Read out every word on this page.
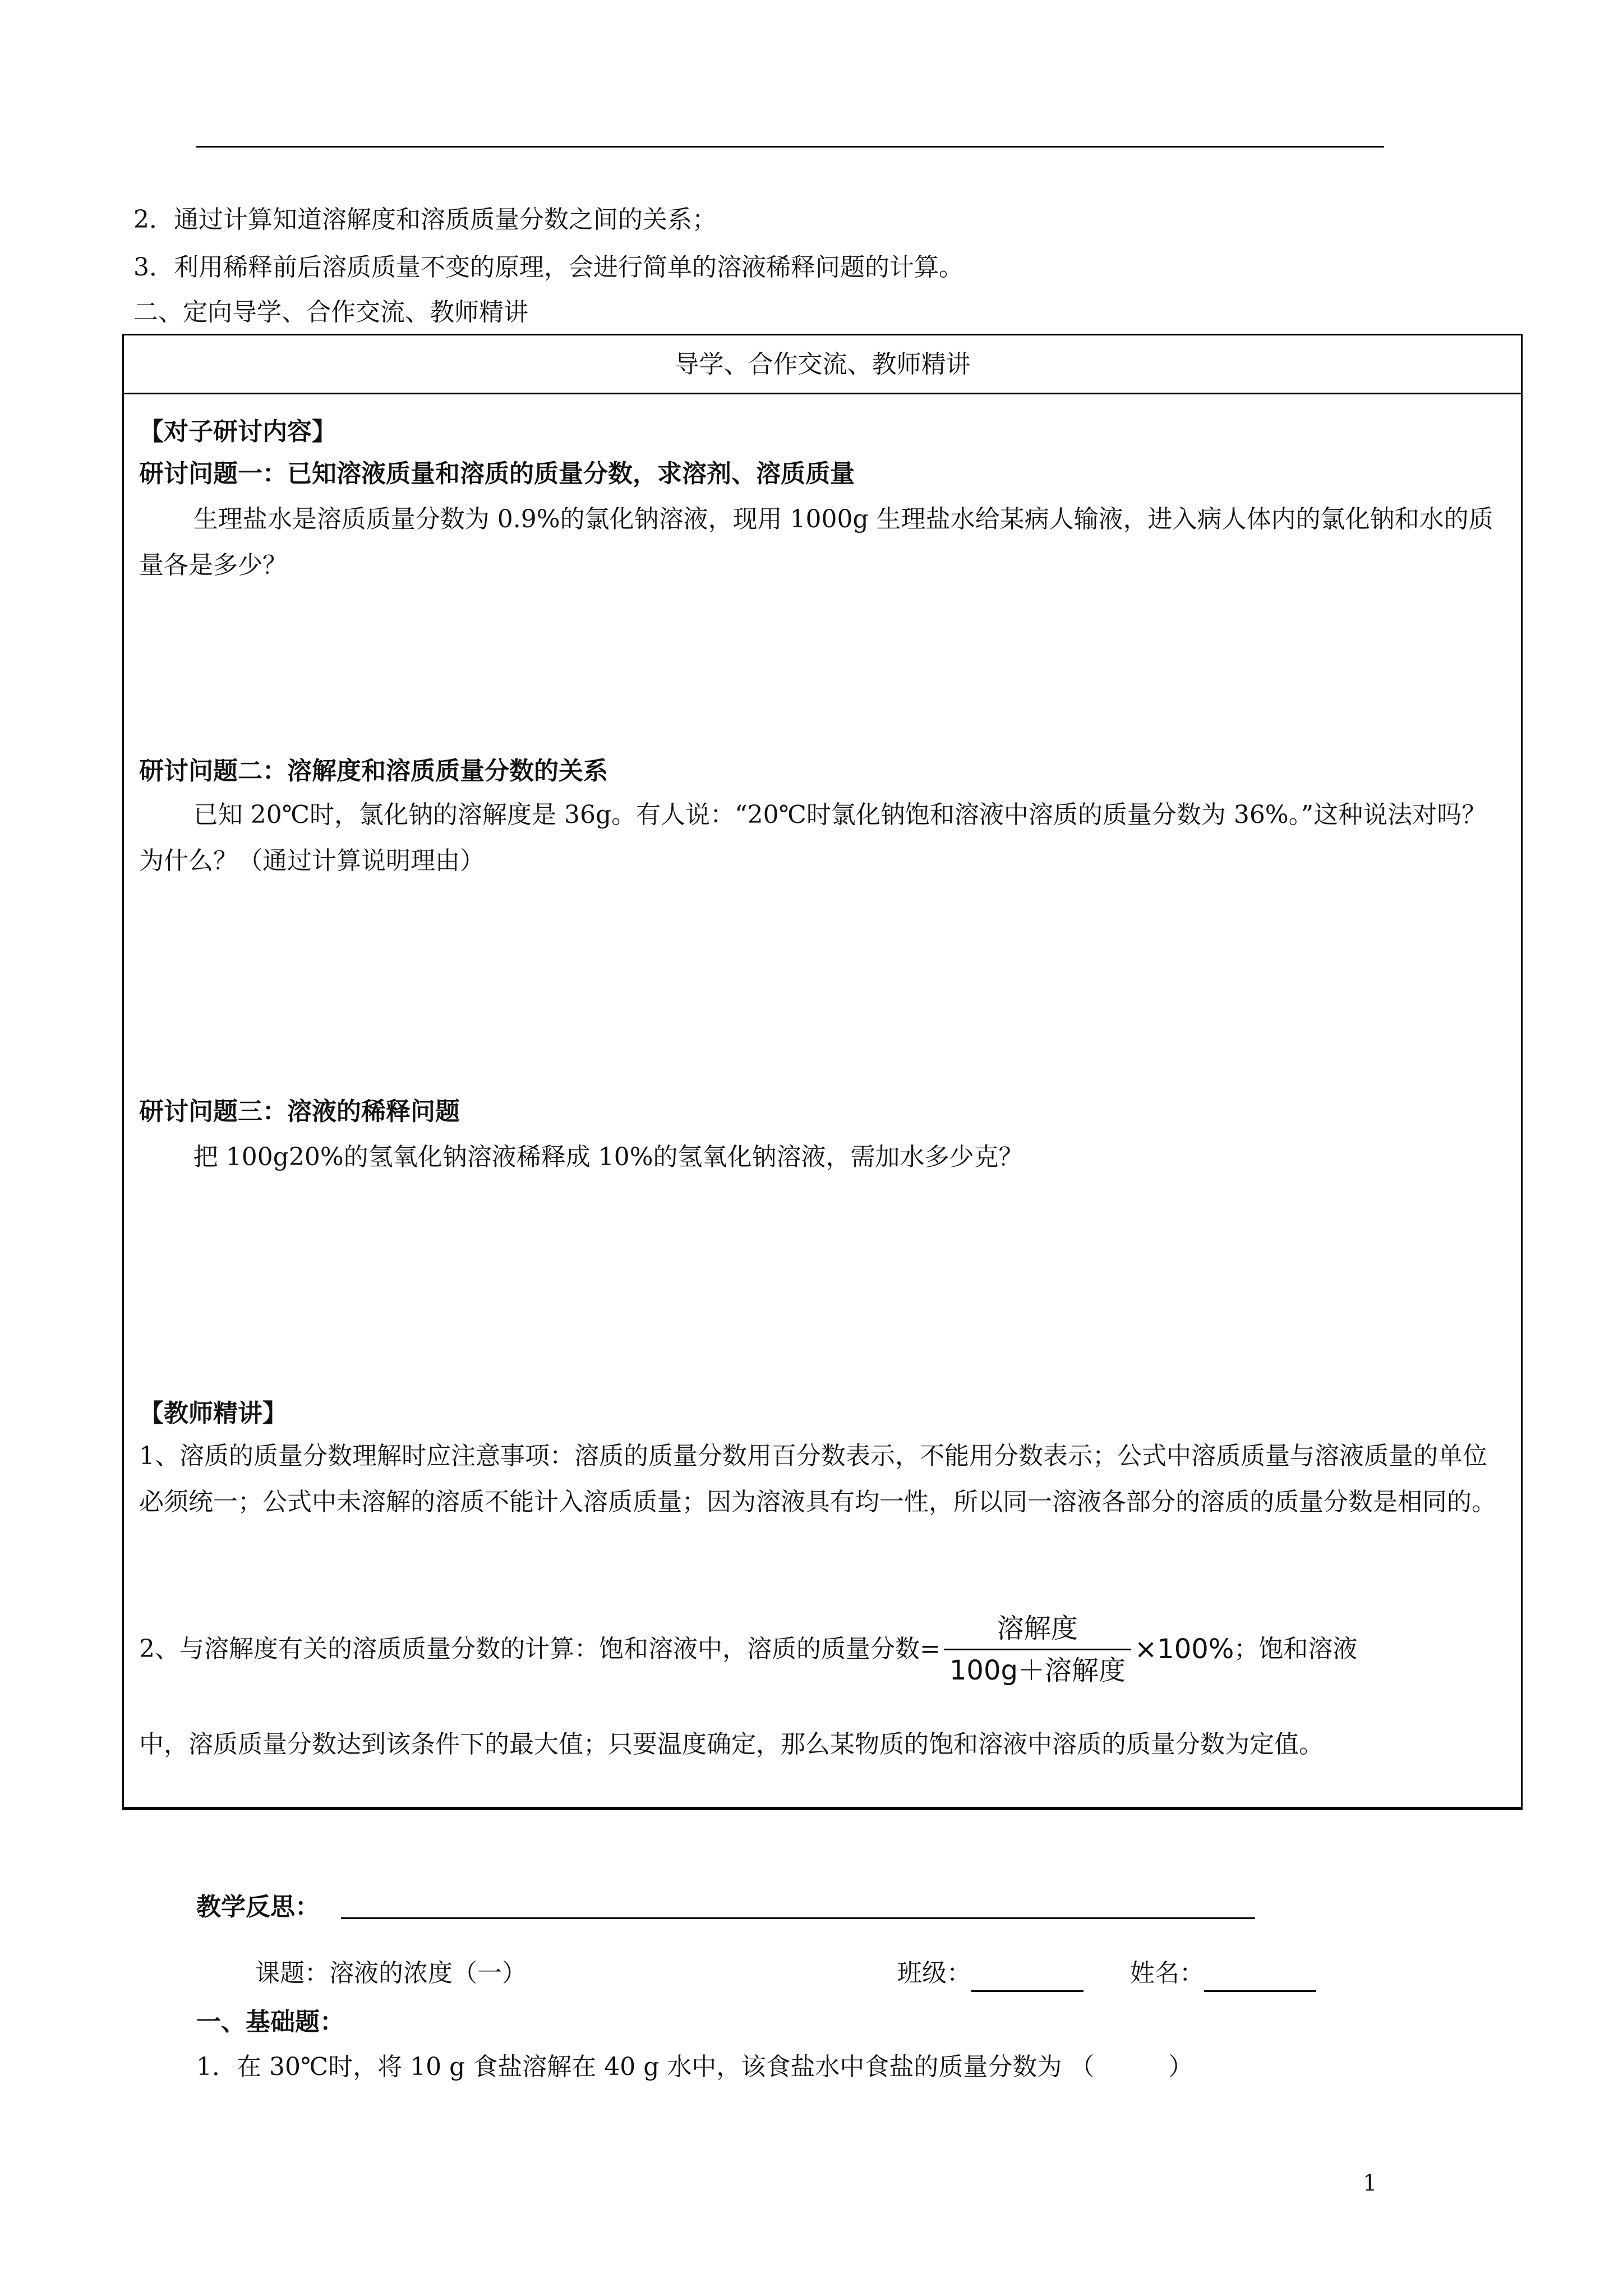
2．通过计算知道溶解度和溶质质量分数之间的关系；
3．利用稀释前后溶质质量不变的原理，会进行简单的溶液稀释问题的计算。
二、定向导学、合作交流、教师精讲
导学、合作交流、教师精讲
【对子研讨内容】
研讨问题一：已知溶液质量和溶质的质量分数，求溶剂、溶质质量
生理盐水是溶质质量分数为 0.9%的氯化钠溶液，现用 1000g 生理盐水给某病人输液，进入病人体内的氯化钠和水的质量各是多少？
研讨问题二：溶解度和溶质质量分数的关系
已知 20℃时，氯化钠的溶解度是 36g。有人说：“20℃时氯化钠饱和溶液中溶质的质量分数为 36%。”这种说法对吗？为什么？（通过计算说明理由）
研讨问题三：溶液的稀释问题
把 100g20%的氢氧化钠溶液稀释成 10%的氢氧化钠溶液，需加水多少克？
【教师精讲】
1、溶质的质量分数理解时应注意事项：溶质的质量分数用百分数表示，不能用分数表示；公式中溶质质量与溶液质量的单位必须统一；公式中未溶解的溶质不能计入溶质质量；因为溶液具有均一性，所以同一溶液各部分的溶质的质量分数是相同的。
2、与溶解度有关的溶质质量分数的计算：饱和溶液中，溶质的质量分数= $\frac{\text{溶解度}}{\text{100g＋溶解度}} \times 100\%$ ；饱和溶液
中，溶质质量分数达到该条件下的最大值；只要温度确定，那么某物质的饱和溶液中溶质的质量分数为定值。
教学反思：
课题：溶液的浓度（一）	班级：
	姓名：

一、基础题：
1．在 30℃时，将 10 g 食盐溶解在 40 g 水中，该食盐水中食盐的质量分数为 （　　　）
1
